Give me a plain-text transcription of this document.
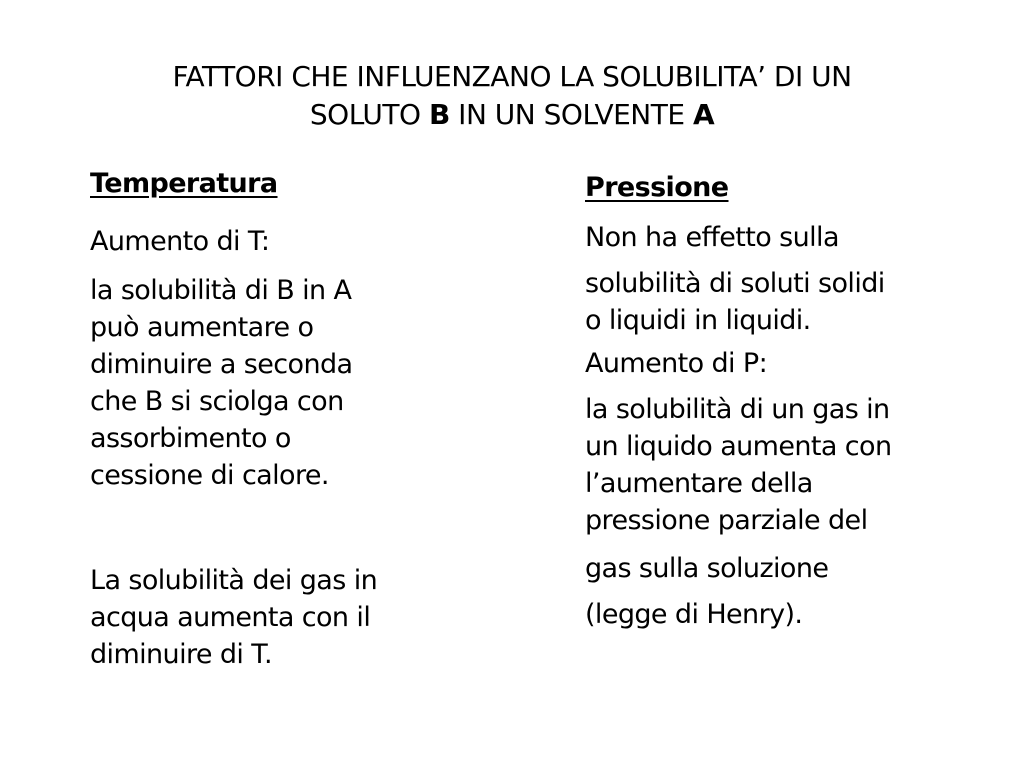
FATTORI CHE INFLUENZANO LA SOLUBILITA’ DI UN
SOLUTO B IN UN SOLVENTE A

Temperatura

Aumento di T:

la solubilità di B in A
può aumentare o
diminuire a seconda
che B si sciolga con
assorbimento o
cessione di calore.

La solubilità dei gas in
acqua aumenta con il
diminuire di T.

Pressione

Non ha effetto sulla

solubilità di soluti solidi
o liquidi in liquidi.

Aumento di P:

la solubilità di un gas in
un liquido aumenta con
l’aumentare della
pressione parziale del

gas sulla soluzione

(legge di Henry).
